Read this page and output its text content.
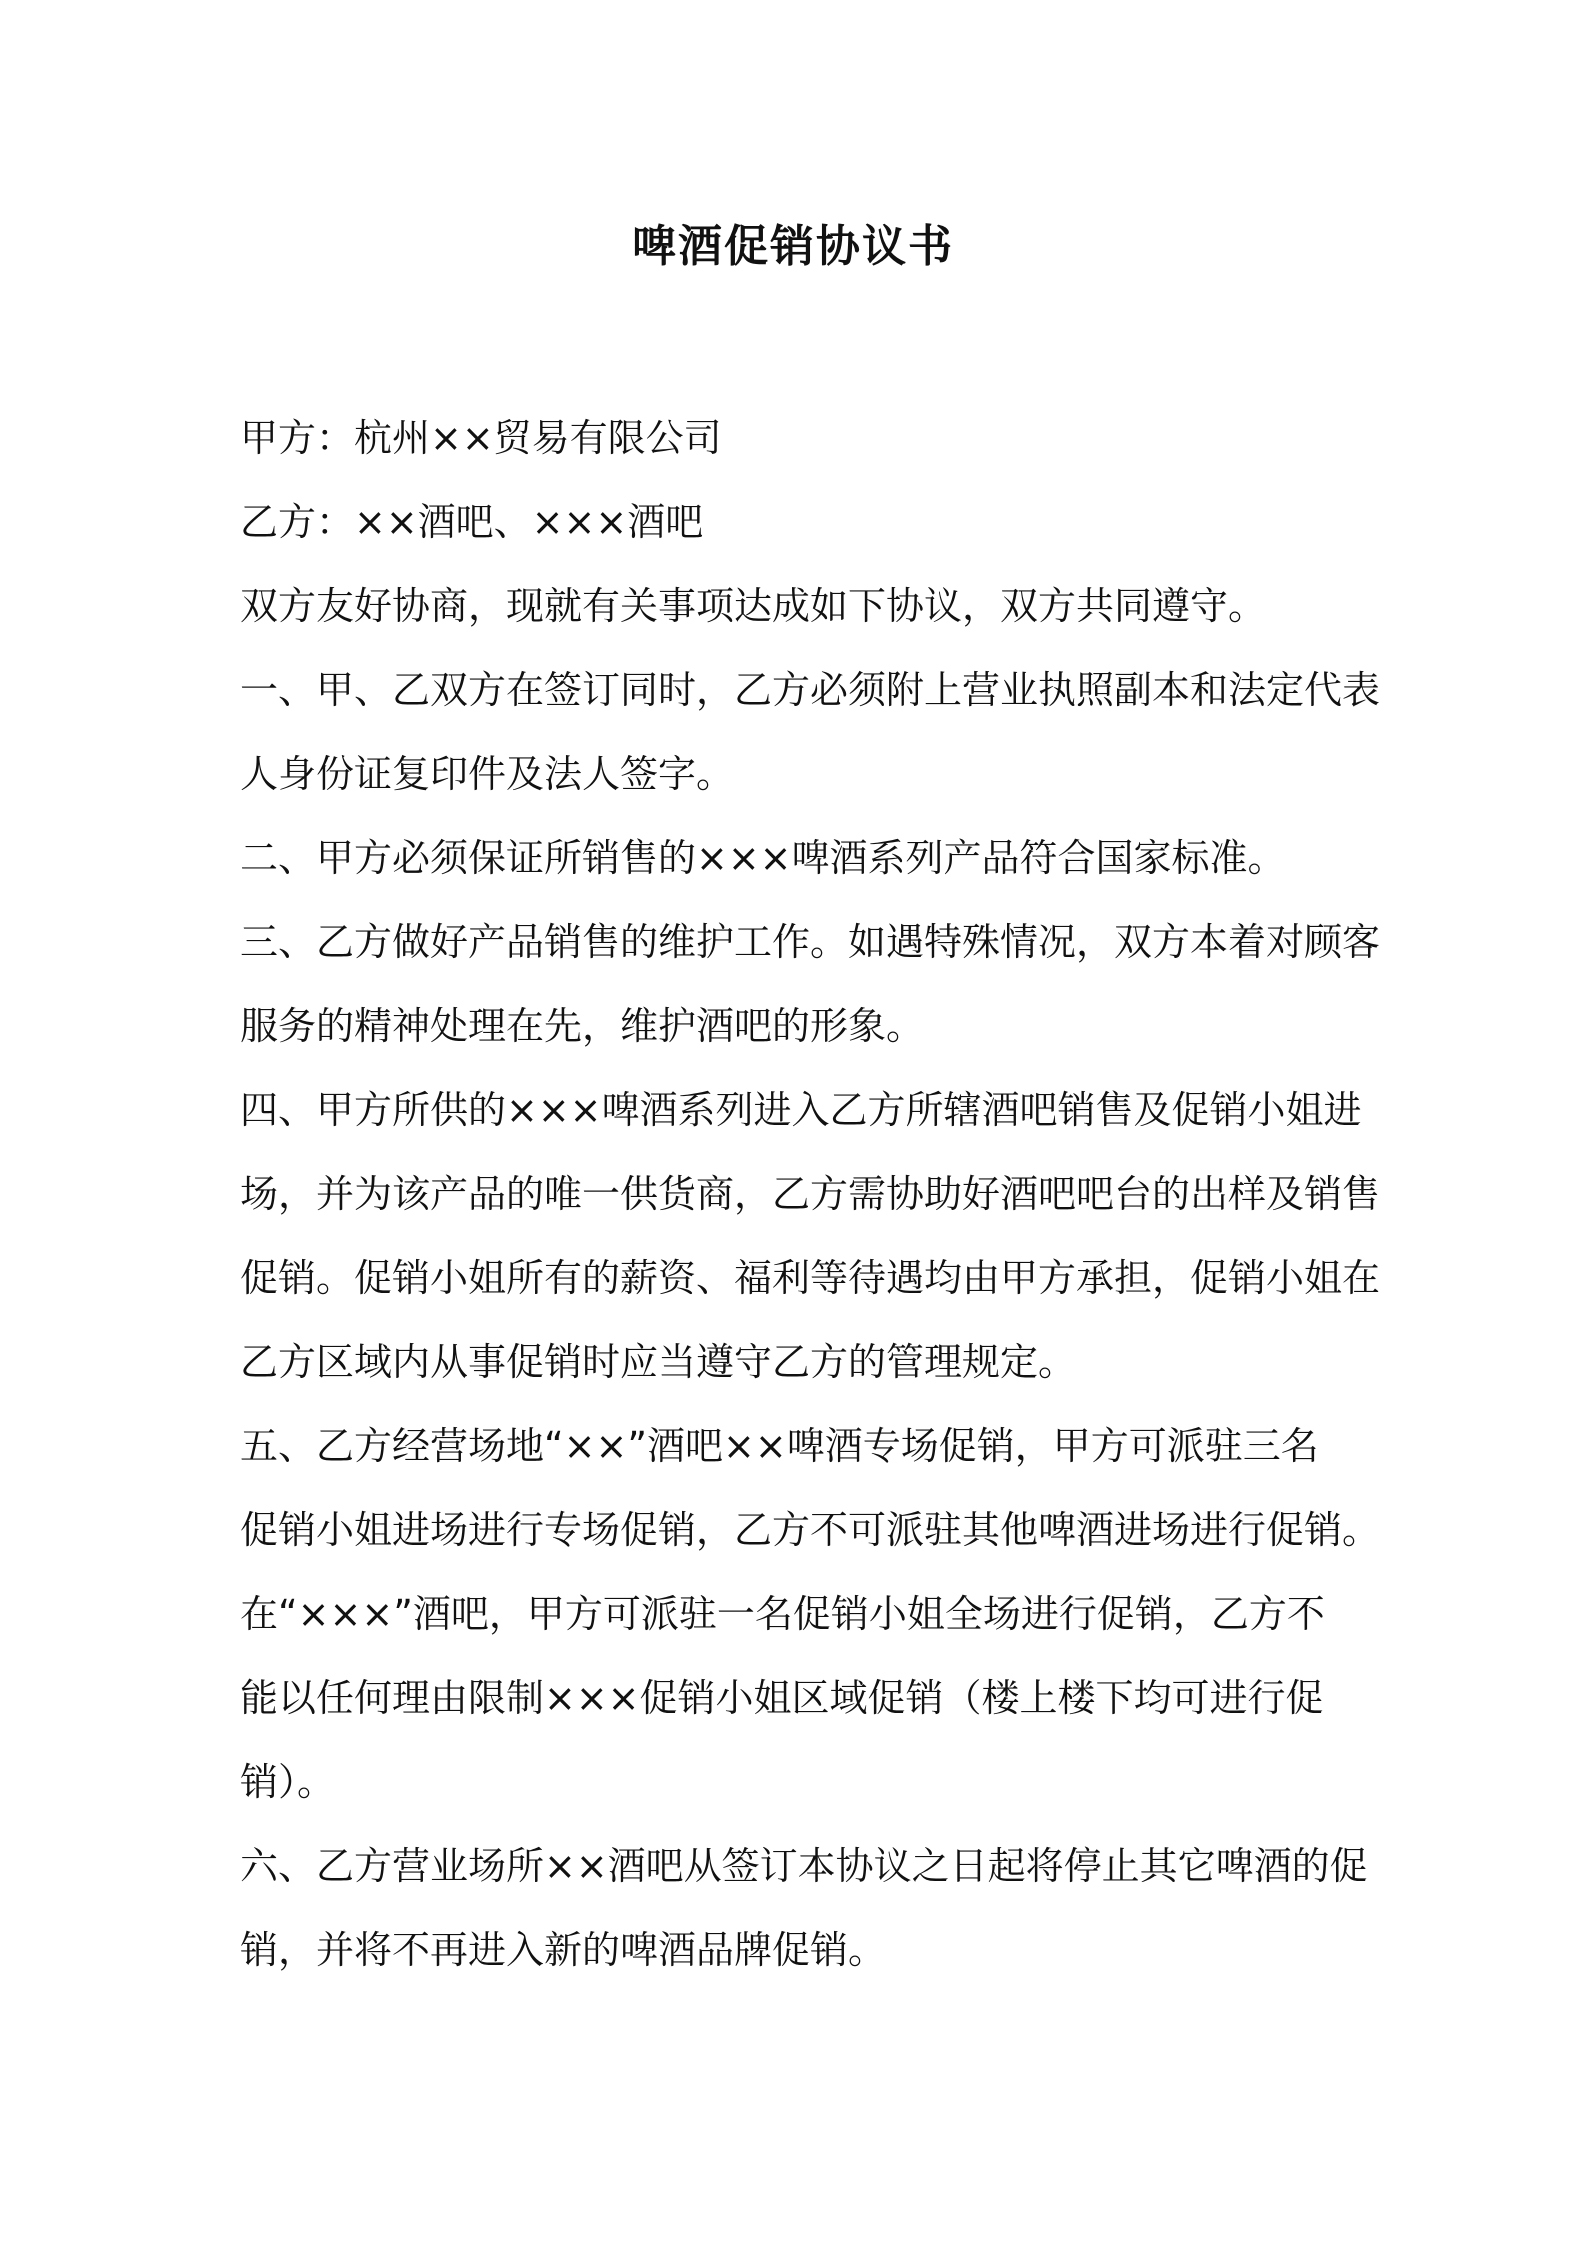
啤酒促销协议书
甲方：杭州××贸易有限公司
乙方：××酒吧、×××酒吧
双方友好协商，现就有关事项达成如下协议，双方共同遵守。
一、甲、乙双方在签订同时，乙方必须附上营业执照副本和法定代表
人身份证复印件及法人签字。
二、甲方必须保证所销售的×××啤酒系列产品符合国家标准。
三、乙方做好产品销售的维护工作。如遇特殊情况，双方本着对顾客
服务的精神处理在先，维护酒吧的形象。
四、甲方所供的×××啤酒系列进入乙方所辖酒吧销售及促销小姐进
场，并为该产品的唯一供货商，乙方需协助好酒吧吧台的出样及销售
促销。促销小姐所有的薪资、福利等待遇均由甲方承担，促销小姐在
乙方区域内从事促销时应当遵守乙方的管理规定。
五、乙方经营场地“××”酒吧××啤酒专场促销，甲方可派驻三名
促销小姐进场进行专场促销，乙方不可派驻其他啤酒进场进行促销。
在“×××”酒吧，甲方可派驻一名促销小姐全场进行促销，乙方不
能以任何理由限制×××促销小姐区域促销（楼上楼下均可进行促
销）。
六、乙方营业场所××酒吧从签订本协议之日起将停止其它啤酒的促
销，并将不再进入新的啤酒品牌促销。
